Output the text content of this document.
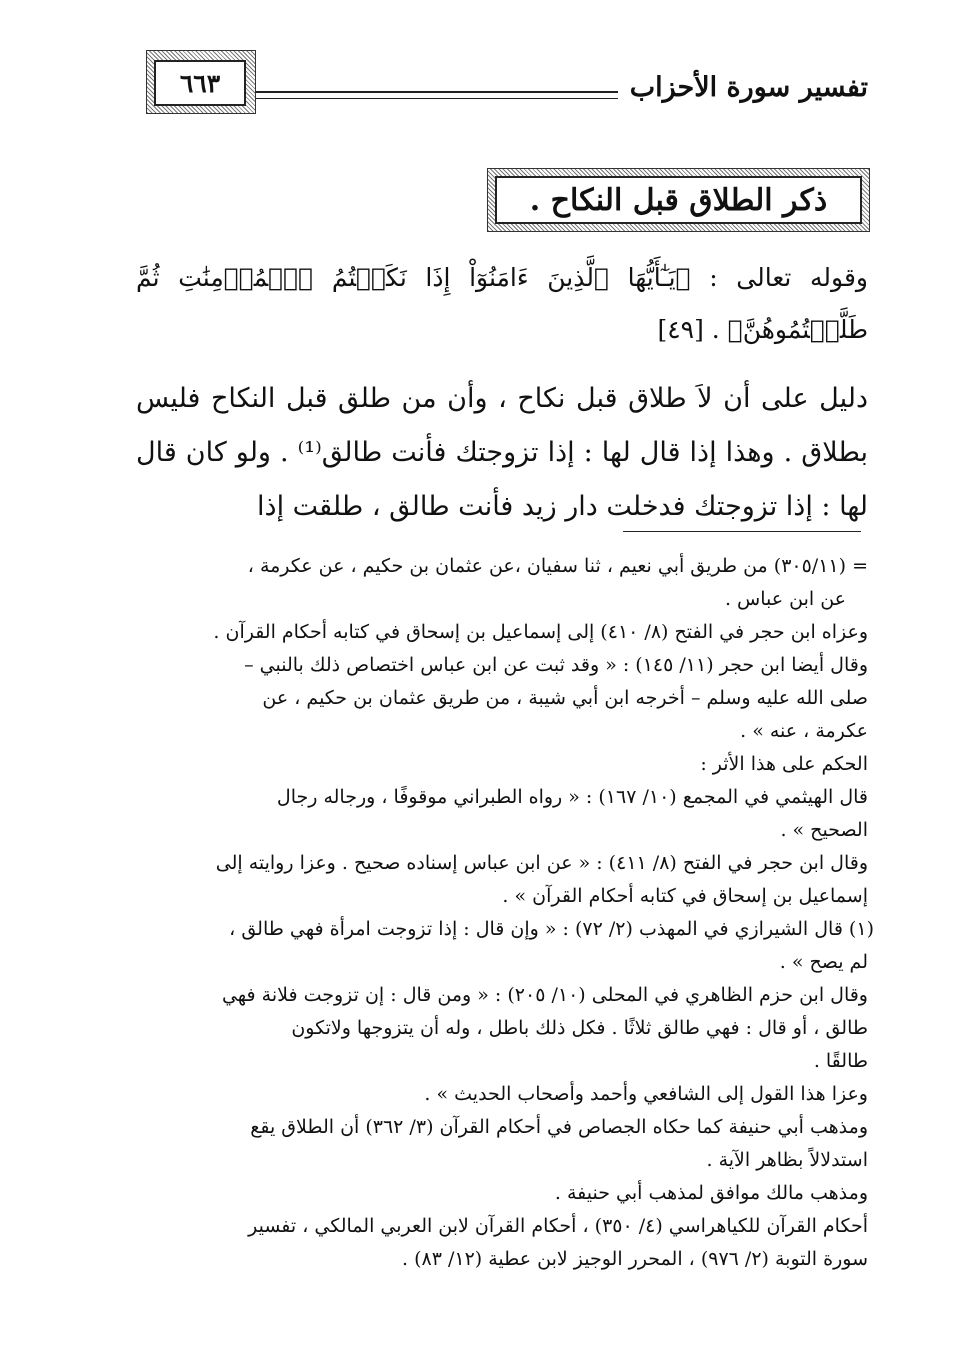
تفسير سورة الأحزاب
٦٦٣
ذكر الطلاق قبل النكاح .
وقوله تعالى : ﴿يَـٰٓأَيُّهَا ٱلَّذِينَ ءَامَنُوٓاْ إِذَا نَكَحۡتُمُ ٱلۡمُؤۡمِنَٰتِ ثُمَّ طَلَّقۡتُمُوهُنَّ﴾ . [٤٩]
دليل على أن لاَ طلاق قبل نكاح ، وأن من طلق قبل النكاح فليس بطلاق . وهذا إذا قال لها : إذا تزوجتك فأنت طالق⁽¹⁾ . ولو كان قال لها : إذا تزوجتك فدخلت دار زيد فأنت طالق ، طلقت إذا
= (٣٠٥/١١) من طريق أبي نعيم ، ثنا سفيان ،عن عثمان بن حكيم ، عن عكرمة ،
عن ابن عباس .
وعزاه ابن حجر في الفتح (٨/ ٤١٠) إلى إسماعيل بن إسحاق في كتابه أحكام القرآن .
وقال أيضا ابن حجر (١١/ ١٤٥) : « وقد ثبت عن ابن عباس اختصاص ذلك بالنبي –
صلى الله عليه وسلم – أخرجه ابن أبي شيبة ، من طريق عثمان بن حكيم ، عن
عكرمة ، عنه » .
الحكم على هذا الأثر :
قال الهيثمي في المجمع (١٠/ ١٦٧) : « رواه الطبراني موقوفًا ، ورجاله رجال
الصحيح » .
وقال ابن حجر في الفتح (٨/ ٤١١) : « عن ابن عباس إسناده صحيح . وعزا روايته إلى
إسماعيل بن إسحاق في كتابه أحكام القرآن » .
(١) قال الشيرازي في المهذب (٢/ ٧٢) : « وإن قال : إذا تزوجت امرأة فهي طالق ،
لم يصح » .
وقال ابن حزم الظاهري في المحلى (١٠/ ٢٠٥) : « ومن قال : إن تزوجت فلانة فهي
طالق ، أو قال : فهي طالق ثلاثًا . فكل ذلك باطل ، وله أن يتزوجها ولاتكون
طالقًا .
وعزا هذا القول إلى الشافعي وأحمد وأصحاب الحديث » .
ومذهب أبي حنيفة كما حكاه الجصاص في أحكام القرآن (٣/ ٣٦٢) أن الطلاق يقع
استدلالاً بظاهر الآية .
ومذهب مالك موافق لمذهب أبي حنيفة .
أحكام القرآن للكياهراسي (٤/ ٣٥٠) ، أحكام القرآن لابن العربي المالكي ، تفسير
سورة التوبة (٢/ ٩٧٦) ، المحرر الوجيز لابن عطية (١٢/ ٨٣) .
